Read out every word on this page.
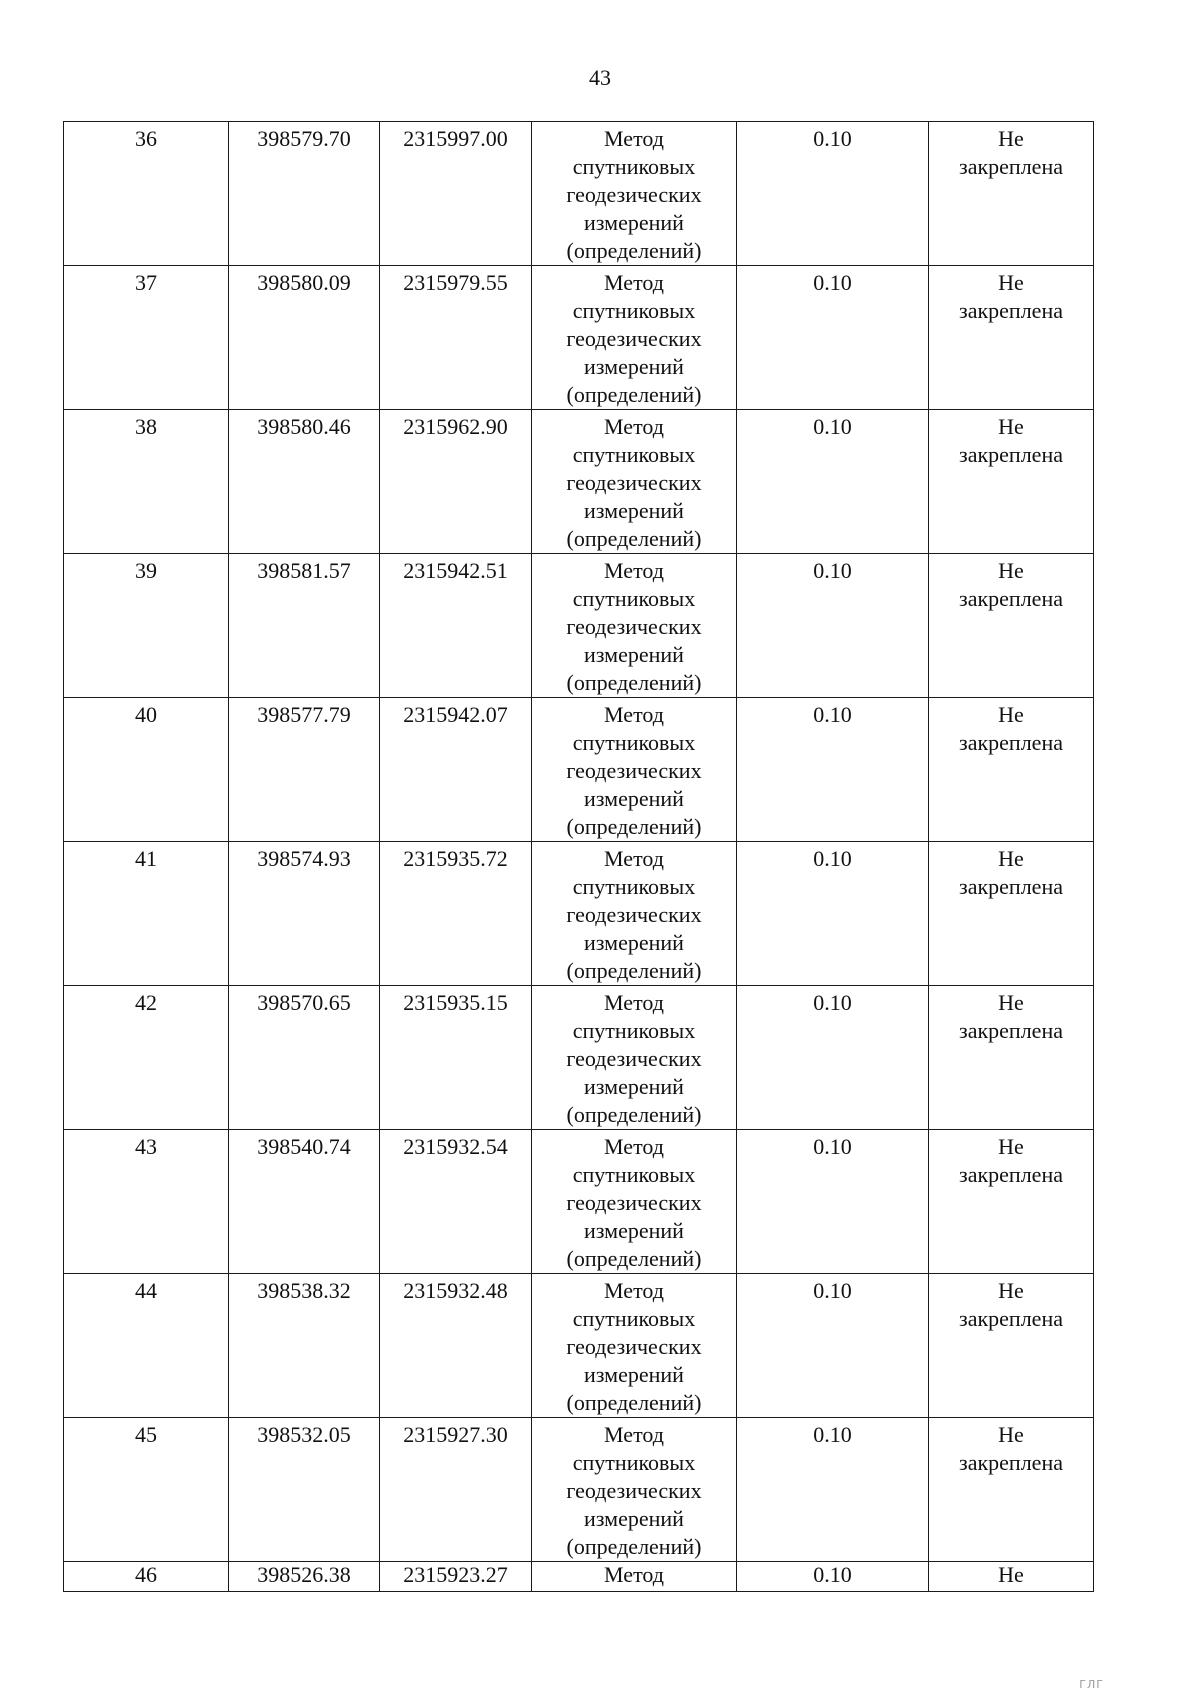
43
36	398579.70	2315997.00	Метод
спутниковых
геодезических
измерений
(определений)	0.10	Не
закреплена
37	398580.09	2315979.55	Метод
спутниковых
геодезических
измерений
(определений)	0.10	Не
закреплена
38	398580.46	2315962.90	Метод
спутниковых
геодезических
измерений
(определений)	0.10	Не
закреплена
39	398581.57	2315942.51	Метод
спутниковых
геодезических
измерений
(определений)	0.10	Не
закреплена
40	398577.79	2315942.07	Метод
спутниковых
геодезических
измерений
(определений)	0.10	Не
закреплена
41	398574.93	2315935.72	Метод
спутниковых
геодезических
измерений
(определений)	0.10	Не
закреплена
42	398570.65	2315935.15	Метод
спутниковых
геодезических
измерений
(определений)	0.10	Не
закреплена
43	398540.74	2315932.54	Метод
спутниковых
геодезических
измерений
(определений)	0.10	Не
закреплена
44	398538.32	2315932.48	Метод
спутниковых
геодезических
измерений
(определений)	0.10	Не
закреплена
45	398532.05	2315927.30	Метод
спутниковых
геодезических
измерений
(определений)	0.10	Не
закреплена
46	398526.38	2315923.27	Метод	0.10	Не
ГЛГ
